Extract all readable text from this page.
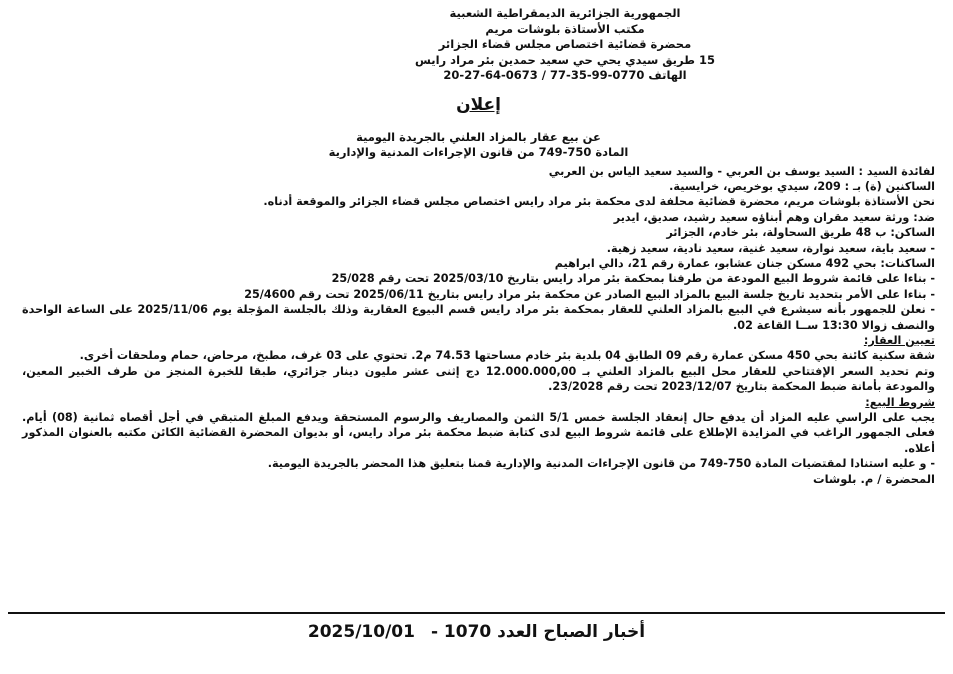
الجمهورية الجزائرية الديمقراطية الشعبية
مكتب الأستاذة بلوشات مريم
محضرة قضائية اختصاص مجلس قضاء الجزائر
15 طريق سيدي يحي حي سعيد حمدين بئر مراد رايس
الهاتف 0770-99-35-77 / 0673-64-27-20
إعلان
عن بيع عقار بالمزاد العلني بالجريدة اليومية
المادة 750-749 من قانون الإجراءات المدنية والإدارية

لفائدة السيد : السيد يوسف بن العربي - والسيد سعيد الياس بن العربي

الساكنين (ة) بـ : 209، سيدي بوخريص، خرايسية.

نحن الأستاذة بلوشات مريم، محضرة قضائية محلفة لدى محكمة بئر مراد رايس اختصاص مجلس قضاء الجزائر والموقعة أدناه.

ضد: ورثة سعيد مقران وهم أبناؤه سعيد رشيد، صديق، ايدير

الساكن: ب 48 طريق السحاولة، بئر خادم، الجزائر

- سعيد باية، سعيد نوارة، سعيد غنية، سعيد نادية، سعيد زهية.

الساكنات: بحي 492 مسكن جنان عشابو، عمارة رقم 21، دالي ابراهيم

- بناءا على قائمة شروط البيع المودعة من طرفنا بمحكمة بئر مراد رايس بتاريخ 2025/03/10 تحت رقم 25/028

- بناءا على الأمر بتحديد تاريخ جلسة البيع بالمزاد البيع الصادر عن محكمة بئر مراد رايس بتاريخ 2025/06/11 تحت رقم 25/4600

- نعلن للجمهور بأنه سيشرع في البيع بالمزاد العلني للعقار بمحكمة بئر مراد رايس قسم البيوع العقارية وذلك بالجلسة المؤجلة يوم 2025/11/06 على الساعة الواحدة والنصف زوالا 13:30 ســا القاعة 02.

تعيين العقار:

شقة سكنية كائنة بحي 450 مسكن عمارة رقم 09 الطابق 04 بلدية بئر خادم مساحتها 74.53 م2. تحتوي على 03 غرف، مطبخ، مرحاض، حمام وملحقات أخرى.

وتم تحديد السعر الإفتتاحي للعقار محل البيع بالمزاد العلني بـ 12.000.000,00 دج إثنى عشر مليون دينار جزائري، طبقا للخبرة المنجز من طرف الخبير المعين، والمودعة بأمانة ضبط المحكمة بتاريخ 2023/12/07 تحت رقم 23/2028.

شروط البيع:

يجب على الراسي عليه المزاد أن يدفع حال إنعقاد الجلسة خمس 5/1 الثمن والمصاريف والرسوم المستحقة ويدفع المبلغ المتبقي في أجل أقصاه ثمانية (08) أيام. فعلى الجمهور الراغب في المزايدة الإطلاع على قائمة شروط البيع لدى كتابة ضبط محكمة بئر مراد رايس، أو بديوان المحضرة القضائية الكائن مكتبه بالعنوان المذكور أعلاه.

- و عليه استنادا لمقتضيات المادة 750-749 من قانون الإجراءات المدنية والإدارية قمنا بتعليق هذا المحضر بالجريدة اليومية.

المحضرة / م. بلوشات
أخبار الصباح العدد 1070 -2025/10/01
